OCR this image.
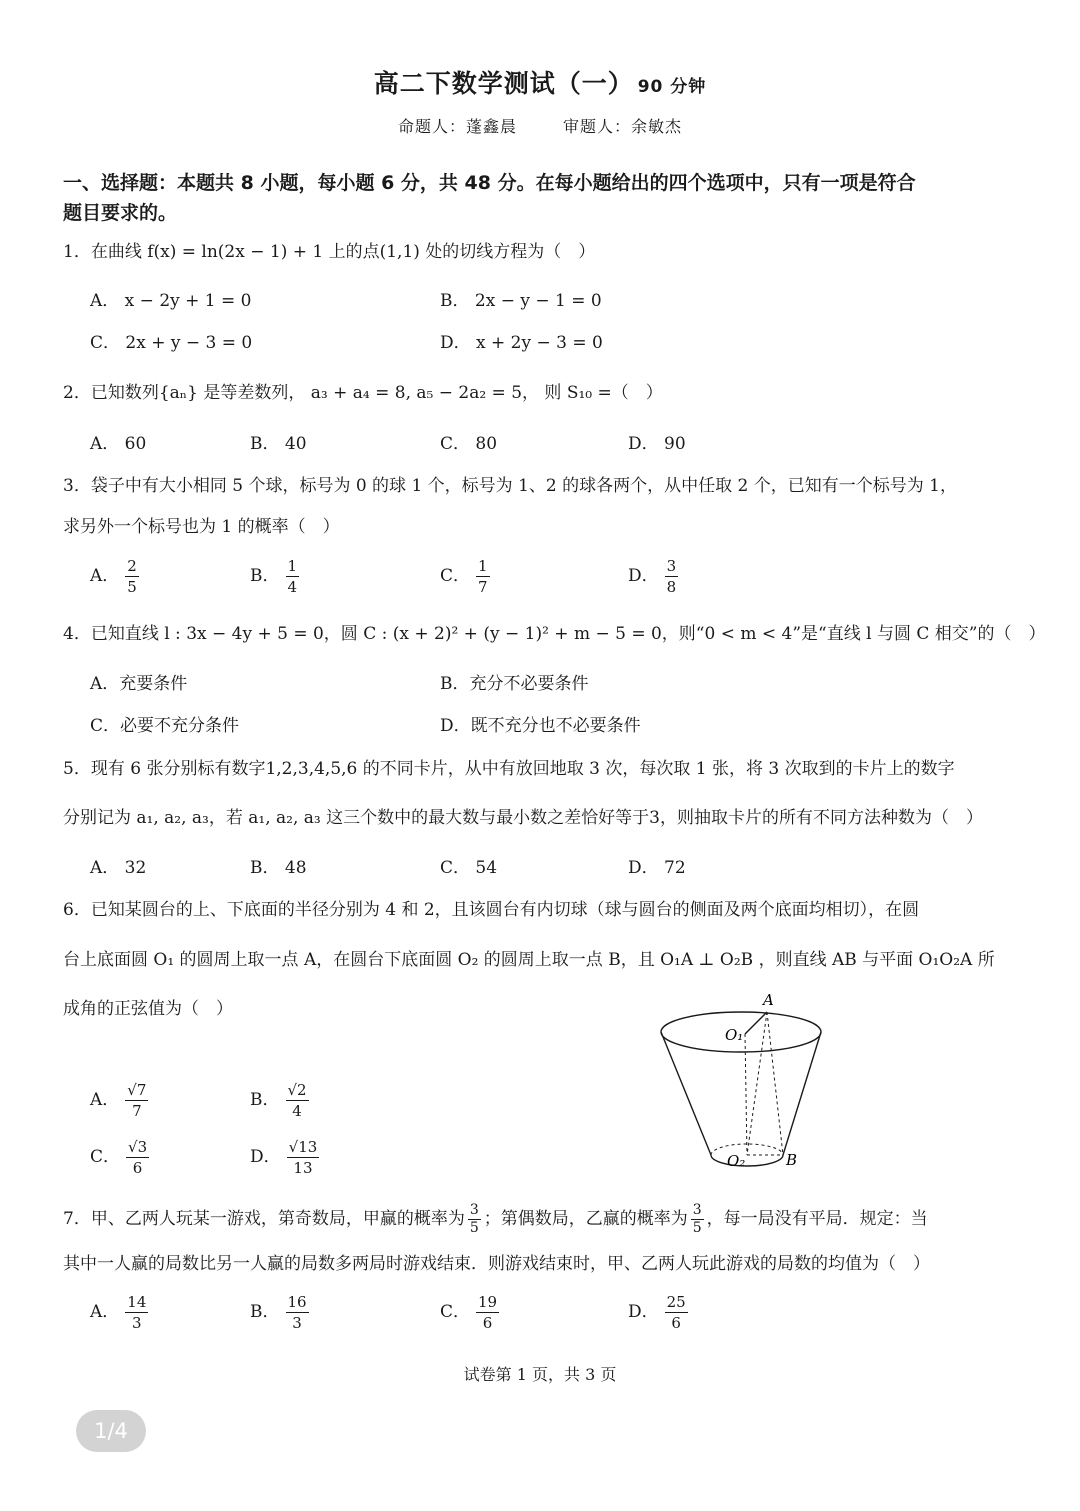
高二下数学测试（一） 90 分钟
命题人：蓬鑫晨	审题人：余敏杰
一、选择题：本题共 8 小题，每小题 6 分，共 48 分。在每小题给出的四个选项中，只有一项是符合
题目要求的。
1．在曲线 f(x) = ln(2x − 1) + 1 上的点(1,1) 处的切线方程为（　）
A． x − 2y + 1 = 0	B． 2x − y − 1 = 0
C． 2x + y − 3 = 0	D． x + 2y − 3 = 0
2．已知数列{aₙ} 是等差数列， a₃ + a₄ = 8, a₅ − 2a₂ = 5， 则 S₁₀ =（　）
A． 60	B． 40	C． 80	D． 90
3．袋子中有大小相同 5 个球，标号为 0 的球 1 个，标号为 1、2 的球各两个，从中任取 2 个，已知有一个标号为 1，
求另外一个标号也为 1 的概率（　）
A． $\frac{2}{5}$	B． $\frac{1}{4}$	C． $\frac{1}{7}$	D． $\frac{3}{8}$
4．已知直线 l : 3x − 4y + 5 = 0，圆 C : (x + 2)² + (y − 1)² + m − 5 = 0，则“0 < m < 4”是“直线 l 与圆 C 相交”的（　）
A．充要条件	B．充分不必要条件
C．必要不充分条件	D．既不充分也不必要条件
5．现有 6 张分别标有数字1,2,3,4,5,6 的不同卡片，从中有放回地取 3 次，每次取 1 张，将 3 次取到的卡片上的数字
分别记为 a₁, a₂, a₃，若 a₁, a₂, a₃ 这三个数中的最大数与最小数之差恰好等于3，则抽取卡片的所有不同方法种数为（　）
A． 32	B． 48	C． 54	D． 72
6．已知某圆台的上、下底面的半径分别为 4 和 2，且该圆台有内切球（球与圆台的侧面及两个底面均相切），在圆
台上底面圆 O₁ 的圆周上取一点 A，在圆台下底面圆 O₂ 的圆周上取一点 B，且 O₁A ⊥ O₂B ，则直线 AB 与平面 O₁O₂A 所
成角的正弦值为（　）
A． $\frac{√7}{7}$	B． $\frac{√2}{4}$
C． $\frac{√3}{6}$	D． $\frac{√13}{13}$
A
O₁
O₂	B
7．甲、乙两人玩某一游戏，第奇数局，甲赢的概率为 $\frac{3}{5}$ ；第偶数局，乙赢的概率为 $\frac{3}{5}$ ，每一局没有平局．规定：当
其中一人赢的局数比另一人赢的局数多两局时游戏结束．则游戏结束时，甲、乙两人玩此游戏的局数的均值为（　）
A． $\frac{14}{3}$	B． $\frac{16}{3}$	C． $\frac{19}{6}$	D． $\frac{25}{6}$
试卷第 1 页，共 3 页
1/4
